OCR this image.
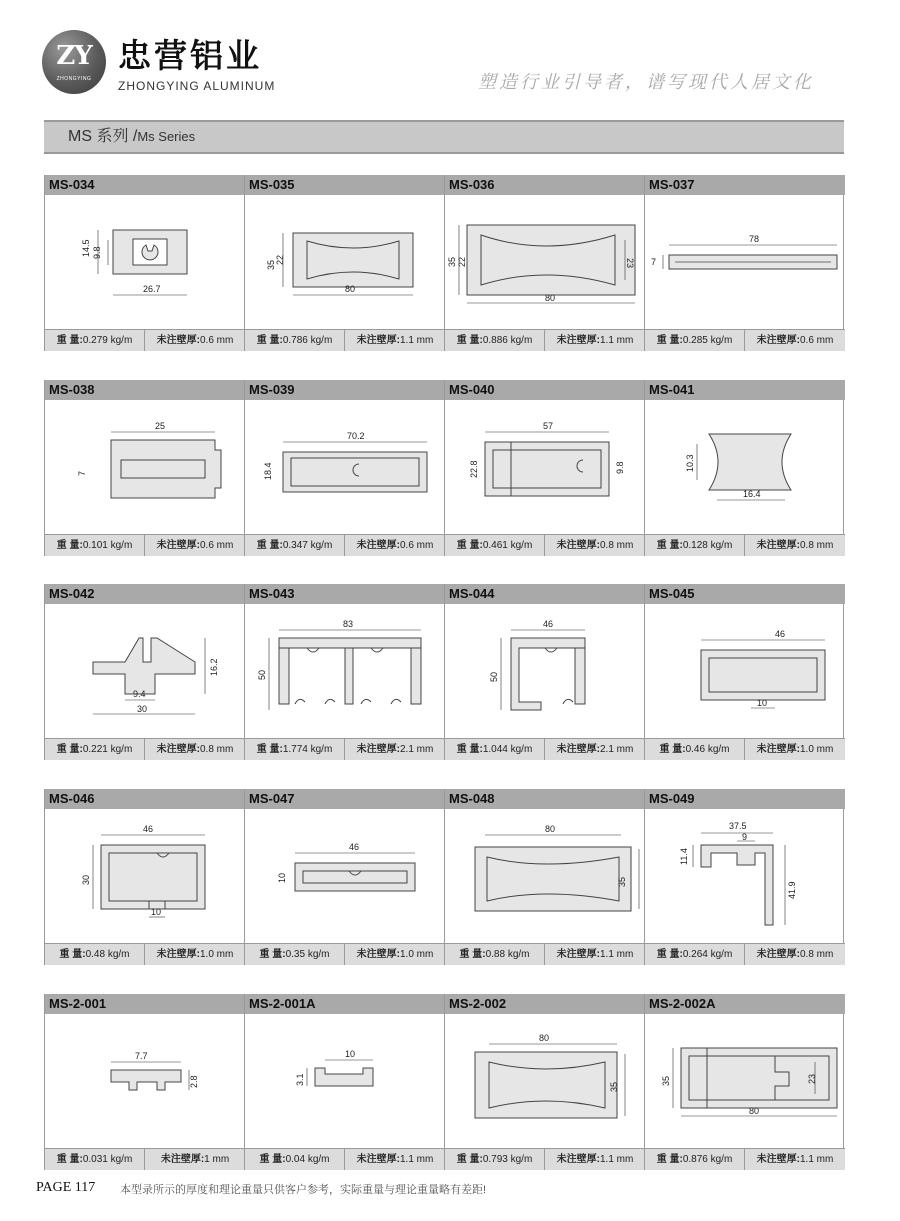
ZY
ZHONGYING
忠营铝业
ZHONGYING ALUMINUM	塑造行业引导者，谱写现代人居文化
MS 系列 /Ms Series
MS-034
14.5 9.8
26.7
重 量:0.279 kg/m	未注壁厚:0.6 mm
MS-035
35 22
80
重 量:0.786 kg/m	未注壁厚:1.1 mm
MS-036
35 22	23
80
重 量:0.886 kg/m	未注壁厚:1.1 mm
MS-037
78
7
重 量:0.285 kg/m	未注壁厚:0.6 mm
MS-038
25
7
重 量:0.101 kg/m	未注壁厚:0.6 mm
MS-039
70.2
18.4
重 量:0.347 kg/m	未注壁厚:0.6 mm
MS-040
57
22.8	9.8
重 量:0.461 kg/m	未注壁厚:0.8 mm
MS-041
10.3
16.4
重 量:0.128 kg/m	未注壁厚:0.8 mm
MS-042
16.2
9.4
30
重 量:0.221 kg/m	未注壁厚:0.8 mm
MS-043
83
50
重 量:1.774 kg/m	未注壁厚:2.1 mm
MS-044
46
50
重 量:1.044 kg/m	未注壁厚:2.1 mm
MS-045
46
10
重 量:0.46 kg/m	未注壁厚:1.0 mm
MS-046
46
30
10
重 量:0.48 kg/m	未注壁厚:1.0 mm
MS-047
46
10
重 量:0.35 kg/m	未注壁厚:1.0 mm
MS-048
80
35
重 量:0.88 kg/m	未注壁厚:1.1 mm
MS-049
37.5
9
11.4
41.9
重 量:0.264 kg/m	未注壁厚:0.8 mm
MS-2-001
7.7
2.8
重 量:0.031 kg/m	未注壁厚:1 mm
MS-2-001A
10
3.1
重 量:0.04 kg/m	未注壁厚:1.1 mm
MS-2-002
80
35
重 量:0.793 kg/m	未注壁厚:1.1 mm
MS-2-002A
35	23
80
重 量:0.876 kg/m	未注壁厚:1.1 mm
PAGE 117 本型录所示的厚度和理论重量只供客户参考，实际重量与理论重量略有差距!
